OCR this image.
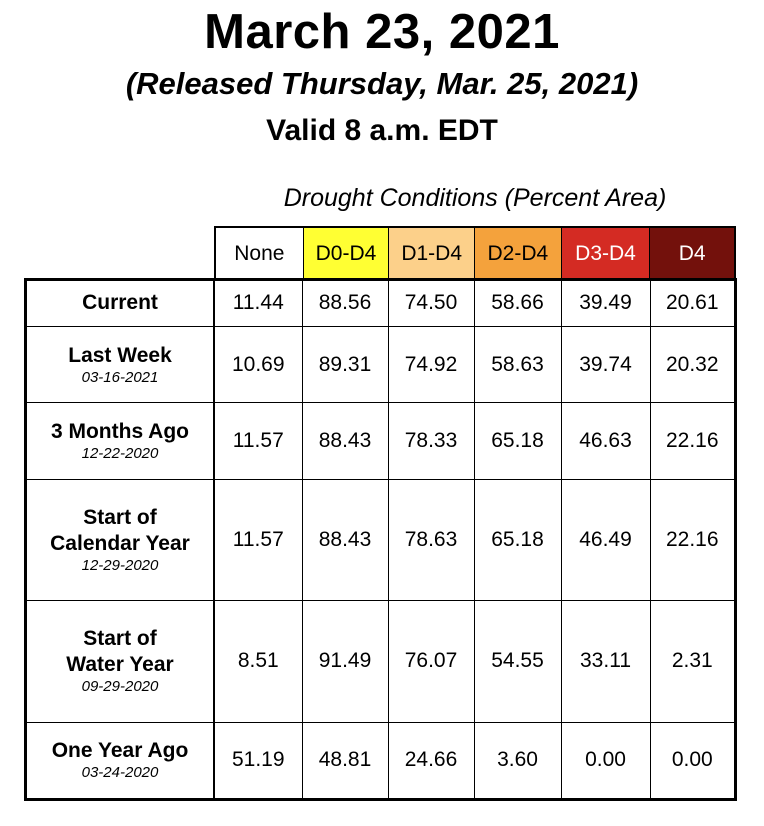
March 23, 2021
(Released Thursday, Mar. 25, 2021)
Valid 8 a.m. EDT
Drought Conditions (Percent Area)
None	D0-D4	D1-D4	D2-D4	D3-D4	D4
Current	11.44	88.56	74.50	58.66	39.49	20.61

Last Week
03-16-2021	10.69	89.31	74.92	58.63	39.74	20.32

3 Months Ago
12-22-2020	11.57	88.43	78.33	65.18	46.63	22.16

Start of
Calendar Year
12-29-2020	11.57	88.43	78.63	65.18	46.49	22.16

Start of
Water Year
09-29-2020	8.51	91.49	76.07	54.55	33.11	2.31

One Year Ago
03-24-2020	51.19	48.81	24.66	3.60	0.00	0.00
